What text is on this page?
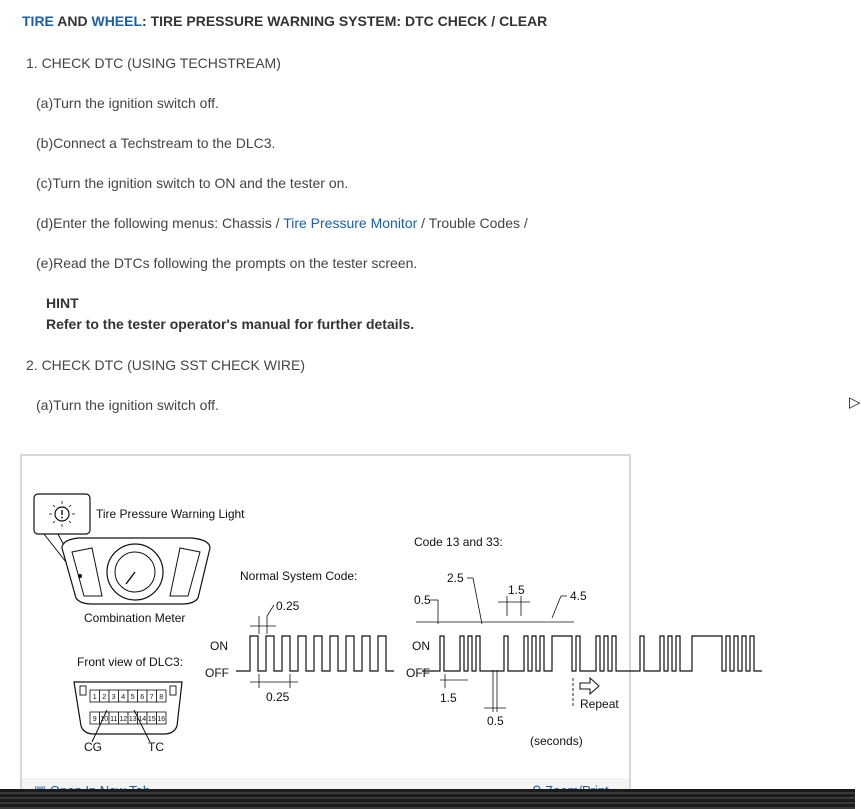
TIRE AND WHEEL: TIRE PRESSURE WARNING SYSTEM: DTC CHECK / CLEAR
1. CHECK DTC (USING TECHSTREAM)
(a)Turn the ignition switch off.
(b)Connect a Techstream to the DLC3.
(c)Turn the ignition switch to ON and the tester on.
(d)Enter the following menus: Chassis / Tire Pressure Monitor / Trouble Codes /
(e)Read the DTCs following the prompts on the tester screen.
HINT
Refer to the tester operator's manual for further details.
2. CHECK DTC (USING SST CHECK WIRE)
(a)Turn the ignition switch off.	▷
Tire Pressure Warning Light
Combination Meter
Front view of DLC3:
1 2 3 4 5 6 7 8
9 10 11 12 13 14 15 16
CG	TC
Normal System Code:
ON
OFF
0.25
0.25
Code 13 and 33:
ON
OFF
0.5
2.5
1.5	4.5
1.5
0.5
Repeat
(seconds)
